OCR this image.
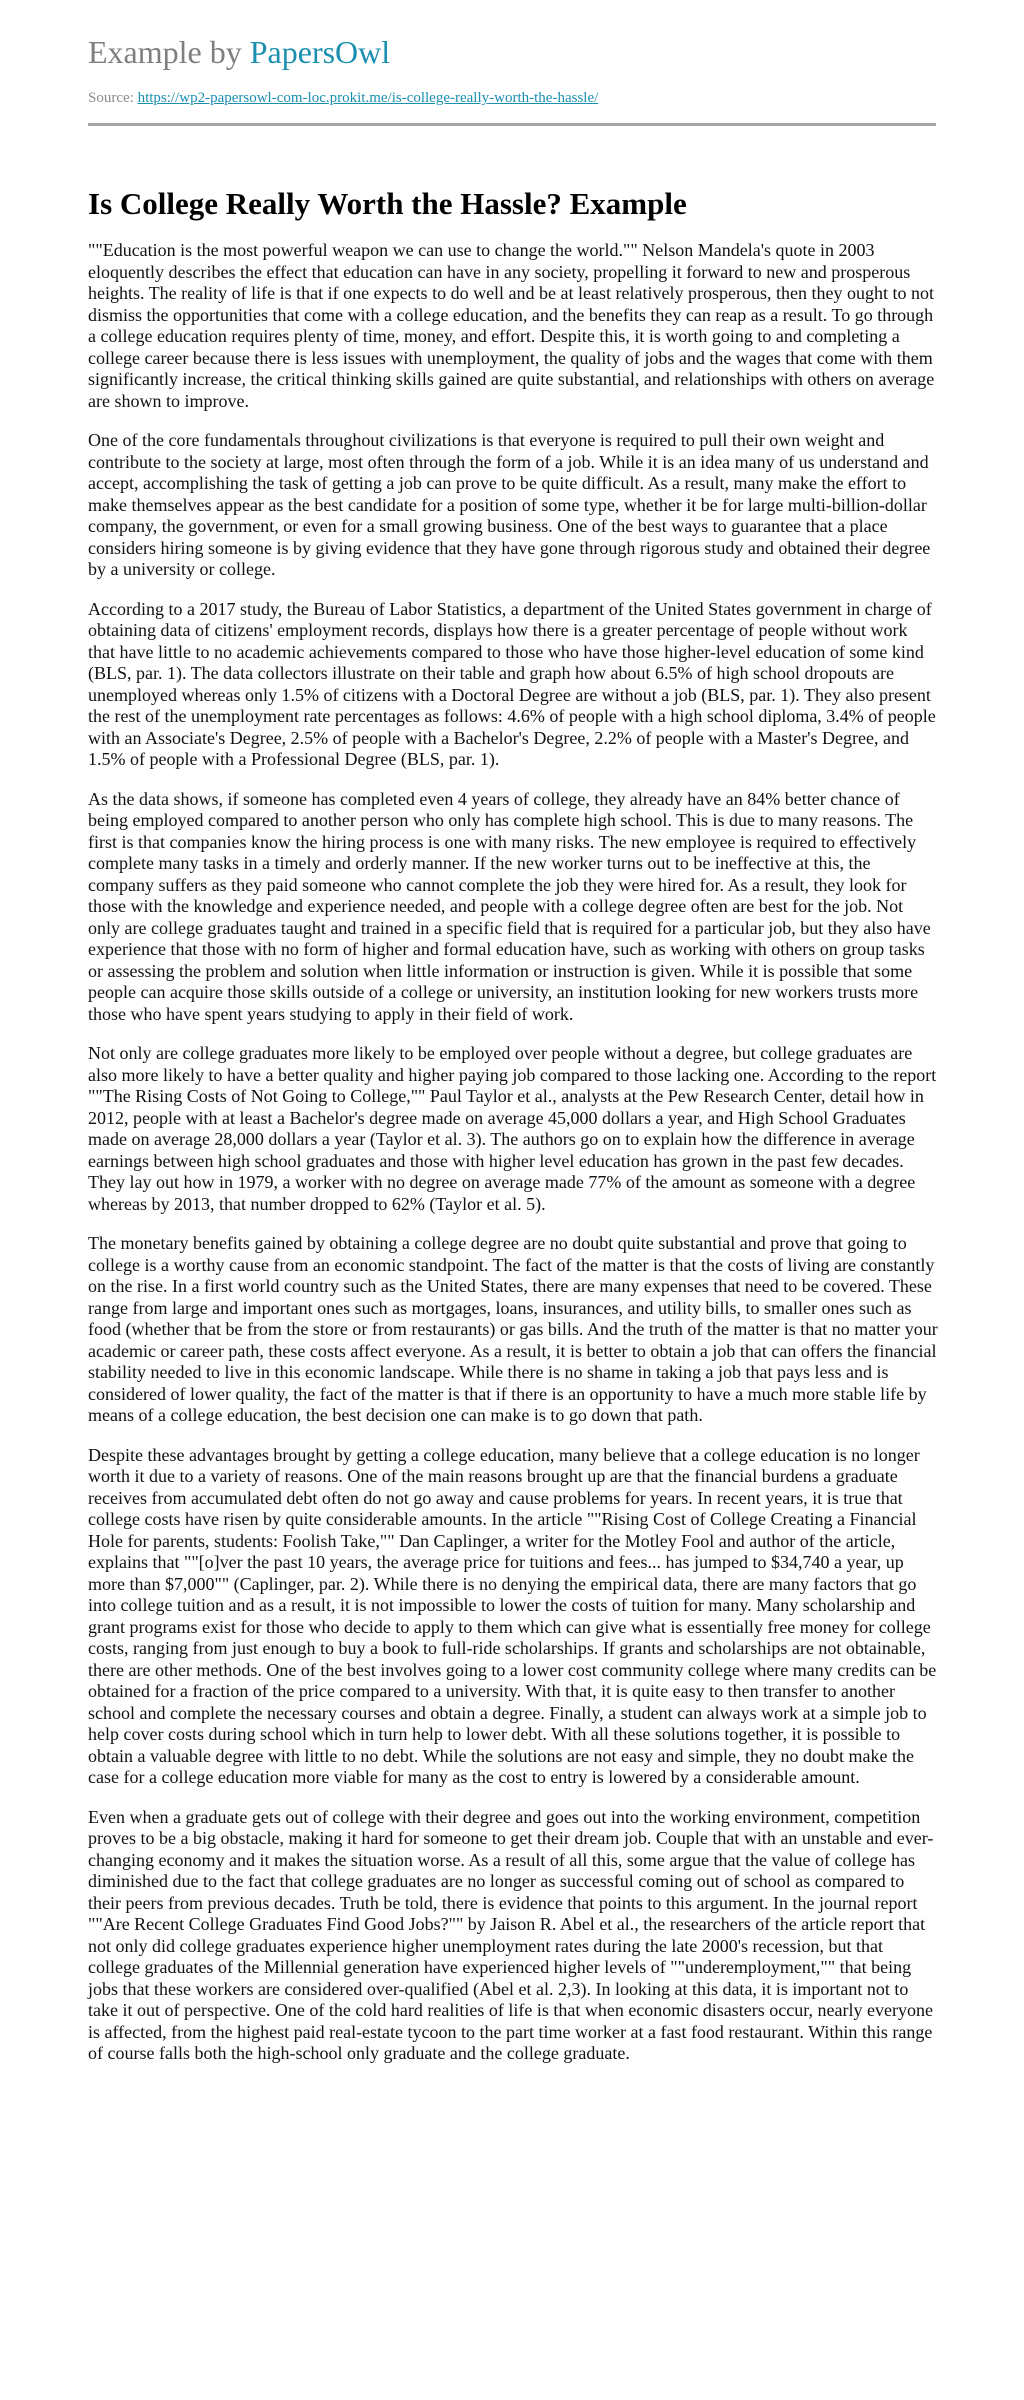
Example by PapersOwl
Source: https://wp2-papersowl-com-loc.prokit.me/is-college-really-worth-the-hassle/
Is College Really Worth the Hassle? Example

""Education is the most powerful weapon we can use to change the world."" Nelson Mandela's quote in 2003 eloquently describes the effect that education can have in any society, propelling it forward to new and prosperous heights. The reality of life is that if one expects to do well and be at least relatively prosperous, then they ought to not dismiss the opportunities that come with a college education, and the benefits they can reap as a result. To go through a college education requires plenty of time, money, and effort. Despite this, it is worth going to and completing a college career because there is less issues with unemployment, the quality of jobs and the wages that come with them significantly increase, the critical thinking skills gained are quite substantial, and relationships with others on average are shown to improve.

One of the core fundamentals throughout civilizations is that everyone is required to pull their own weight and contribute to the society at large, most often through the form of a job. While it is an idea many of us understand and accept, accomplishing the task of getting a job can prove to be quite difficult. As a result, many make the effort to make themselves appear as the best candidate for a position of some type, whether it be for large multi-billion-dollar company, the government, or even for a small growing business. One of the best ways to guarantee that a place considers hiring someone is by giving evidence that they have gone through rigorous study and obtained their degree by a university or college.

According to a 2017 study, the Bureau of Labor Statistics, a department of the United States government in charge of obtaining data of citizens' employment records, displays how there is a greater percentage of people without work that have little to no academic achievements compared to those who have those higher-level education of some kind (BLS, par. 1). The data collectors illustrate on their table and graph how about 6.5% of high school dropouts are unemployed whereas only 1.5% of citizens with a Doctoral Degree are without a job (BLS, par. 1). They also present the rest of the unemployment rate percentages as follows: 4.6% of people with a high school diploma, 3.4% of people with an Associate's Degree, 2.5% of people with a Bachelor's Degree, 2.2% of people with a Master's Degree, and 1.5% of people with a Professional Degree (BLS, par. 1).

As the data shows, if someone has completed even 4 years of college, they already have an 84% better chance of being employed compared to another person who only has complete high school. This is due to many reasons. The first is that companies know the hiring process is one with many risks. The new employee is required to effectively complete many tasks in a timely and orderly manner. If the new worker turns out to be ineffective at this, the company suffers as they paid someone who cannot complete the job they were hired for. As a result, they look for those with the knowledge and experience needed, and people with a college degree often are best for the job. Not only are college graduates taught and trained in a specific field that is required for a particular job, but they also have experience that those with no form of higher and formal education have, such as working with others on group tasks or assessing the problem and solution when little information or instruction is given. While it is possible that some people can acquire those skills outside of a college or university, an institution looking for new workers trusts more those who have spent years studying to apply in their field of work.

Not only are college graduates more likely to be employed over people without a degree, but college graduates are also more likely to have a better quality and higher paying job compared to those lacking one. According to the report ""The Rising Costs of Not Going to College,"" Paul Taylor et al., analysts at the Pew Research Center, detail how in 2012, people with at least a Bachelor's degree made on average 45,000 dollars a year, and High School Graduates made on average 28,000 dollars a year (Taylor et al. 3). The authors go on to explain how the difference in average earnings between high school graduates and those with higher level education has grown in the past few decades. They lay out how in 1979, a worker with no degree on average made 77% of the amount as someone with a degree whereas by 2013, that number dropped to 62% (Taylor et al. 5).

The monetary benefits gained by obtaining a college degree are no doubt quite substantial and prove that going to college is a worthy cause from an economic standpoint. The fact of the matter is that the costs of living are constantly on the rise. In a first world country such as the United States, there are many expenses that need to be covered. These range from large and important ones such as mortgages, loans, insurances, and utility bills, to smaller ones such as food (whether that be from the store or from restaurants) or gas bills. And the truth of the matter is that no matter your academic or career path, these costs affect everyone. As a result, it is better to obtain a job that can offers the financial stability needed to live in this economic landscape. While there is no shame in taking a job that pays less and is considered of lower quality, the fact of the matter is that if there is an opportunity to have a much more stable life by means of a college education, the best decision one can make is to go down that path.

Despite these advantages brought by getting a college education, many believe that a college education is no longer worth it due to a variety of reasons. One of the main reasons brought up are that the financial burdens a graduate receives from accumulated debt often do not go away and cause problems for years. In recent years, it is true that college costs have risen by quite considerable amounts. In the article ""Rising Cost of College Creating a Financial Hole for parents, students: Foolish Take,"" Dan Caplinger, a writer for the Motley Fool and author of the article, explains that ""[o]ver the past 10 years, the average price for tuitions and fees... has jumped to $34,740 a year, up more than $7,000"" (Caplinger, par. 2). While there is no denying the empirical data, there are many factors that go into college tuition and as a result, it is not impossible to lower the costs of tuition for many. Many scholarship and grant programs exist for those who decide to apply to them which can give what is essentially free money for college costs, ranging from just enough to buy a book to full-ride scholarships. If grants and scholarships are not obtainable, there are other methods. One of the best involves going to a lower cost community college where many credits can be obtained for a fraction of the price compared to a university. With that, it is quite easy to then transfer to another school and complete the necessary courses and obtain a degree. Finally, a student can always work at a simple job to help cover costs during school which in turn help to lower debt. With all these solutions together, it is possible to obtain a valuable degree with little to no debt. While the solutions are not easy and simple, they no doubt make the case for a college education more viable for many as the cost to entry is lowered by a considerable amount.

Even when a graduate gets out of college with their degree and goes out into the working environment, competition proves to be a big obstacle, making it hard for someone to get their dream job. Couple that with an unstable and ever-changing economy and it makes the situation worse. As a result of all this, some argue that the value of college has diminished due to the fact that college graduates are no longer as successful coming out of school as compared to their peers from previous decades. Truth be told, there is evidence that points to this argument. In the journal report ""Are Recent College Graduates Find Good Jobs?"" by Jaison R. Abel et al., the researchers of the article report that not only did college graduates experience higher unemployment rates during the late 2000's recession, but that college graduates of the Millennial generation have experienced higher levels of ""underemployment,"" that being jobs that these workers are considered over-qualified (Abel et al. 2,3). In looking at this data, it is important not to take it out of perspective. One of the cold hard realities of life is that when economic disasters occur, nearly everyone is affected, from the highest paid real-estate tycoon to the part time worker at a fast food restaurant. Within this range of course falls both the high-school only graduate and the college graduate.
